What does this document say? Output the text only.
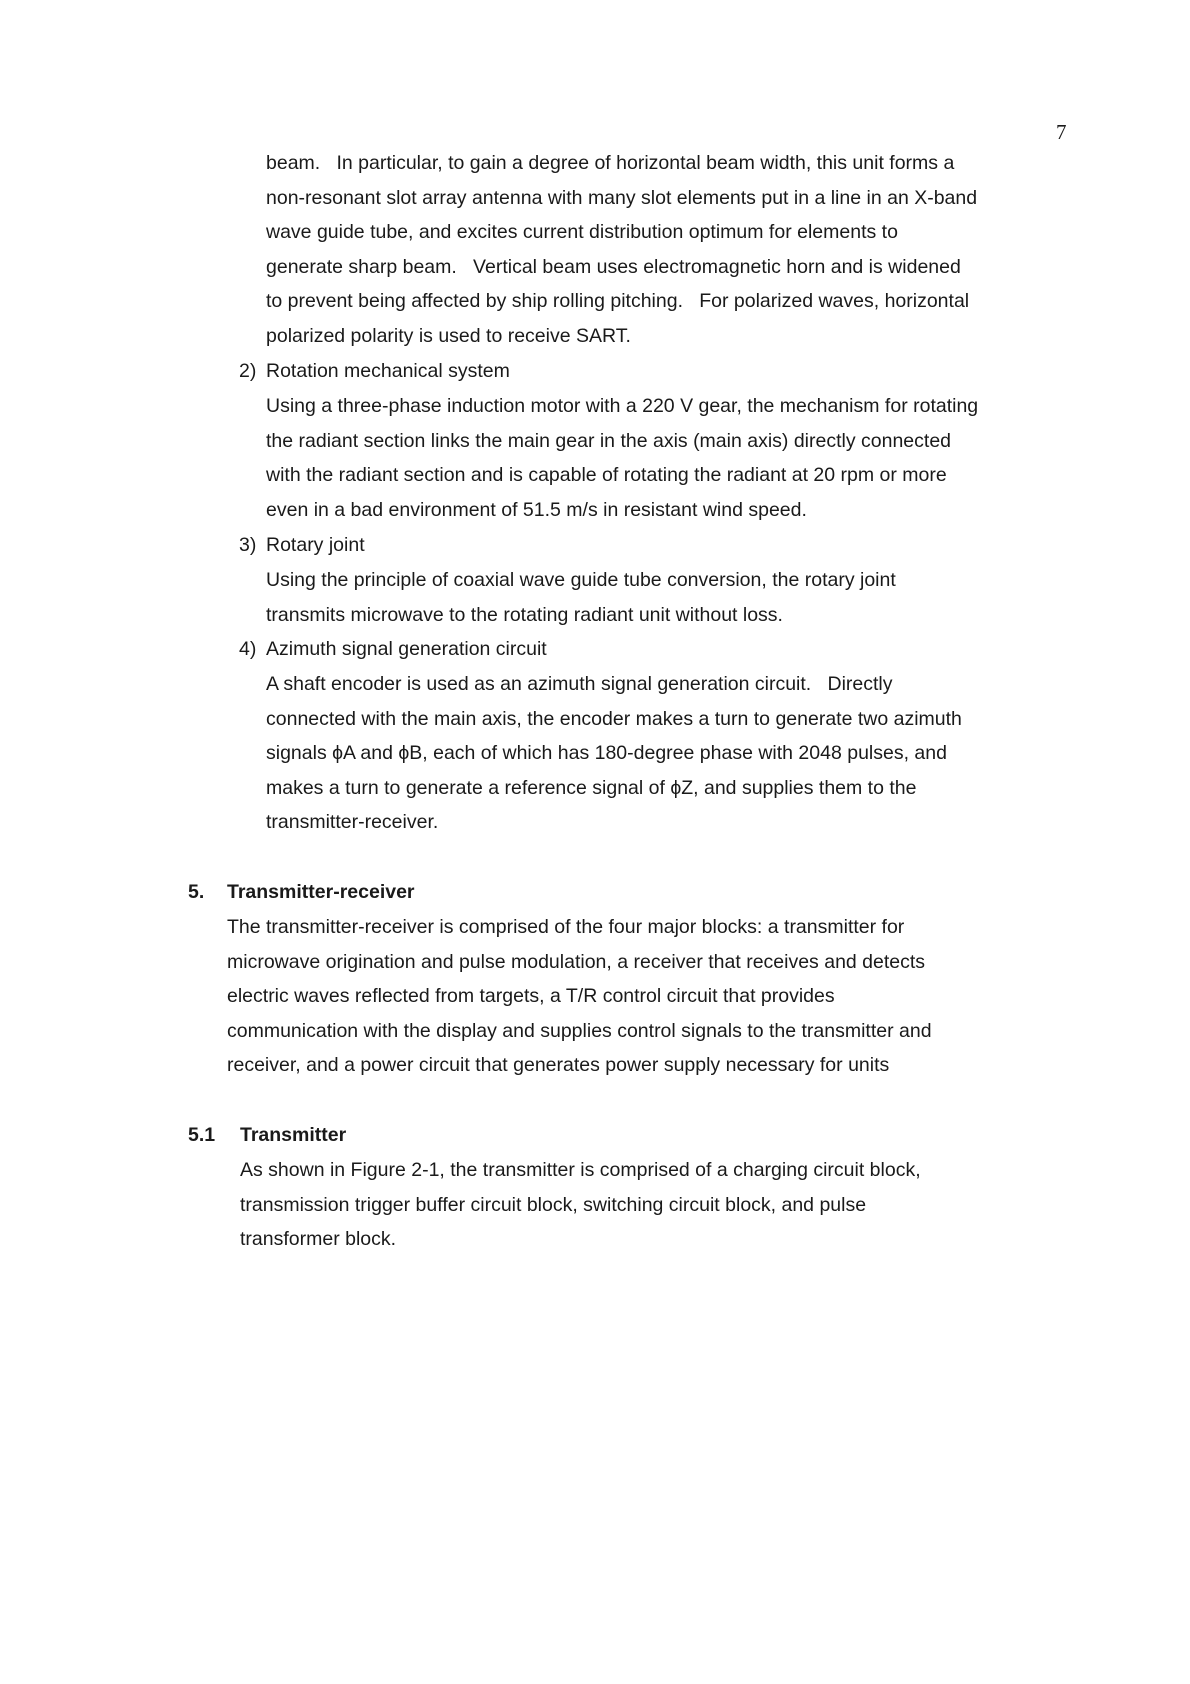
7
beam.   In particular, to gain a degree of horizontal beam width, this unit forms a
non-resonant slot array antenna with many slot elements put in a line in an X-band
wave guide tube, and excites current distribution optimum for elements to
generate sharp beam.   Vertical beam uses electromagnetic horn and is widened
to prevent being affected by ship rolling pitching.   For polarized waves, horizontal
polarized polarity is used to receive SART.
2) Rotation mechanical system
Using a three-phase induction motor with a 220 V gear, the mechanism for rotating
the radiant section links the main gear in the axis (main axis) directly connected
with the radiant section and is capable of rotating the radiant at 20 rpm or more
even in a bad environment of 51.5 m/s in resistant wind speed.
3) Rotary joint
Using the principle of coaxial wave guide tube conversion, the rotary joint
transmits microwave to the rotating radiant unit without loss.
4) Azimuth signal generation circuit
A shaft encoder is used as an azimuth signal generation circuit.   Directly
connected with the main axis, the encoder makes a turn to generate two azimuth
signals ϕA and ϕB, each of which has 180-degree phase with 2048 pulses, and
makes a turn to generate a reference signal of ϕZ, and supplies them to the
transmitter-receiver.
5. Transmitter-receiver
The transmitter-receiver is comprised of the four major blocks: a transmitter for
microwave origination and pulse modulation, a receiver that receives and detects
electric waves reflected from targets, a T/R control circuit that provides
communication with the display and supplies control signals to the transmitter and
receiver, and a power circuit that generates power supply necessary for units
5.1 Transmitter
As shown in Figure 2-1, the transmitter is comprised of a charging circuit block,
transmission trigger buffer circuit block, switching circuit block, and pulse
transformer block.
